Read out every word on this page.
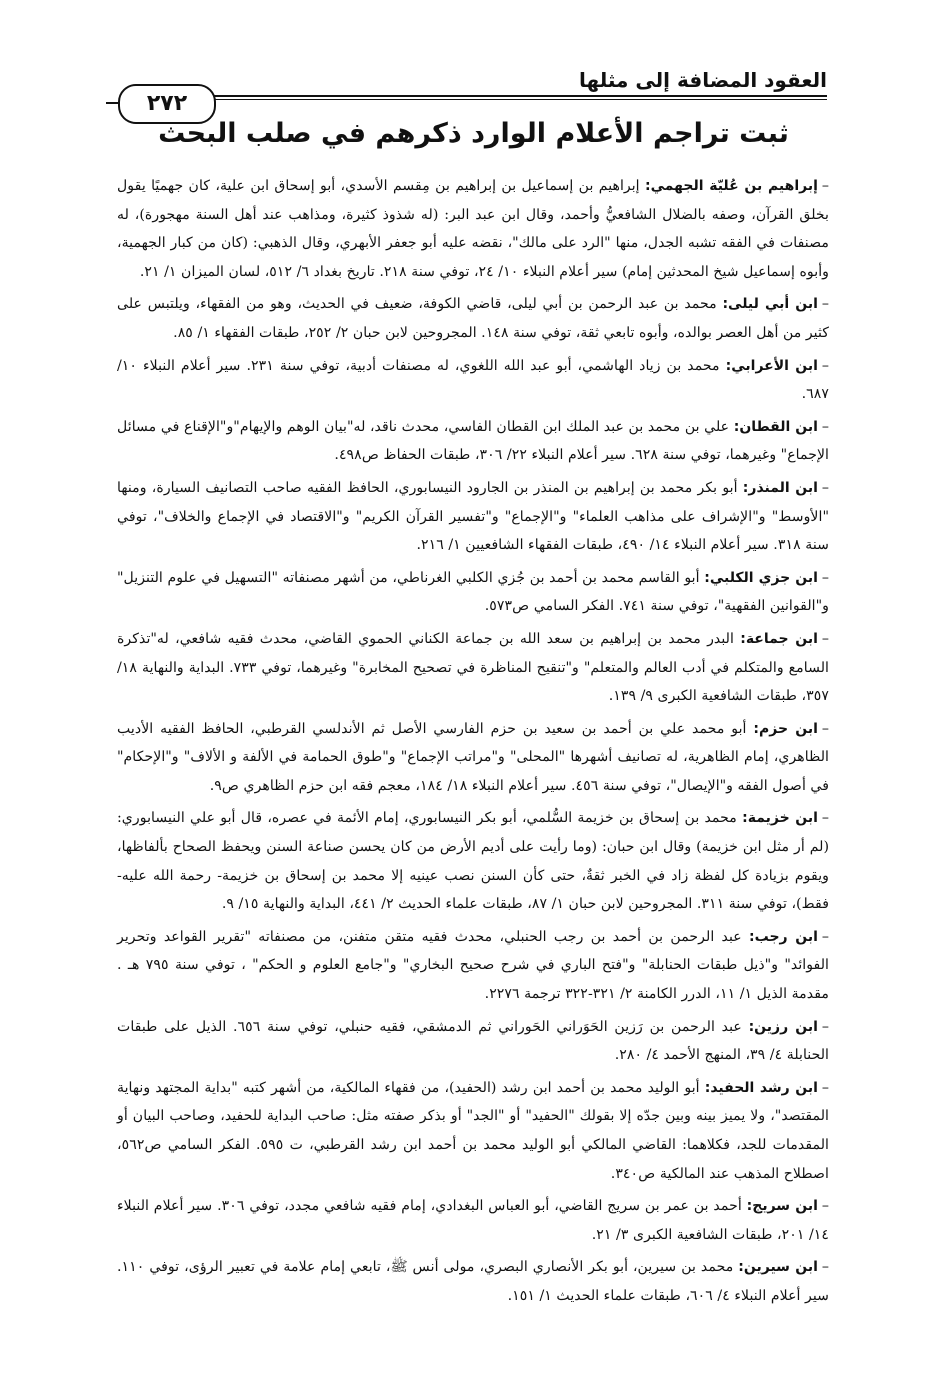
العقود المضافة إلى مثلها
٢٧٢
ثبت تراجم الأعلام الوارد ذكرهم في صلب البحث

–إبراهيم بن عُليّة الجهمي: إبراهيم بن إسماعيل بن إبراهيم بن مِقسم الأسدي، أبو إسحاق ابن علية، كان جهميًا يقول بخلق القرآن، وصفه بالضلال الشافعيُّ وأحمد، وقال ابن عبد البر: (له شذوذ كثيرة، ومذاهب عند أهل السنة مهجورة)، له مصنفات في الفقه تشبه الجدل، منها "الرد على مالك"، نقضه عليه أبو جعفر الأبهري، وقال الذهبي: (كان من كبار الجهمية، وأبوه إسماعيل شيخ المحدثين إمام) سير أعلام النبلاء ١٠/ ٢٤، توفي سنة ٢١٨. تاريخ بغداد ٦/ ٥١٢، لسان الميزان ١/ ٢١.

–ابن أبي ليلى: محمد بن عبد الرحمن بن أبي ليلى، قاضي الكوفة، ضعيف في الحديث، وهو من الفقهاء، ويلتبس على كثير من أهل العصر بوالده، وأبوه تابعي ثقة، توفي سنة ١٤٨. المجروحين لابن حبان ٢/ ٢٥٢، طبقات الفقهاء ١/ ٨٥.

–ابن الأعرابي: محمد بن زياد الهاشمي، أبو عبد الله اللغوي، له مصنفات أدبية، توفي سنة ٢٣١. سير أعلام النبلاء ١٠/ ٦٨٧.

–ابن القطان: علي بن محمد بن عبد الملك ابن القطان الفاسي، محدث ناقد، له"بيان الوهم والإيهام"و"الإقناع في مسائل الإجماع" وغيرهما، توفي سنة ٦٢٨. سير أعلام النبلاء ٢٢/ ٣٠٦، طبقات الحفاظ ص٤٩٨.

–ابن المنذر: أبو بكر محمد بن إبراهيم بن المنذر بن الجارود النيسابوري، الحافظ الفقيه صاحب التصانيف السيارة، ومنها "الأوسط" و"الإشراف على مذاهب العلماء" و"الإجماع" و"تفسير القرآن الكريم" و"الاقتصاد في الإجماع والخلاف"، توفي سنة ٣١٨. سير أعلام النبلاء ١٤/ ٤٩٠، طبقات الفقهاء الشافعيين ١/ ٢١٦.

–ابن جزي الكلبي: أبو القاسم محمد بن أحمد بن جُزي الكلبي الغرناطي، من أشهر مصنفاته "التسهيل في علوم التنزيل" و"القوانين الفقهية"، توفي سنة ٧٤١. الفكر السامي ص٥٧٣.

–ابن جماعة: البدر محمد بن إبراهيم بن سعد الله بن جماعة الكناني الحموي القاضي، محدث فقيه شافعي، له"تذكرة السامع والمتكلم في أدب العالم والمتعلم" و"تنقيح المناظرة في تصحيح المخابرة" وغيرهما، توفي ٧٣٣. البداية والنهاية ١٨/ ٣٥٧، طبقات الشافعية الكبرى ٩/ ١٣٩.

–ابن حزم: أبو محمد علي بن أحمد بن سعيد بن حزم الفارسي الأصل ثم الأندلسي القرطبي، الحافظ الفقيه الأديب الظاهري، إمام الظاهرية، له تصانيف أشهرها "المحلى" و"مراتب الإجماع" و"طوق الحمامة في الألفة و الألاف" و"الإحكام" في أصول الفقه و"الإيصال"، توفي سنة ٤٥٦. سير أعلام النبلاء ١٨/ ١٨٤، معجم فقه ابن حزم الظاهري ص٩.

–ابن خزيمة: محمد بن إسحاق بن خزيمة السُّلمي، أبو بكر النيسابوري، إمام الأئمة في عصره، قال أبو علي النيسابوري: (لم أر مثل ابن خزيمة) وقال ابن حبان: (وما رأيت على أديم الأرض من كان يحسن صناعة السنن ويحفظ الصحاح بألفاظها، ويقوم بزيادة كل لفظة زاد في الخبر ثقةٌ، حتى كأن السنن نصب عينيه إلا محمد بن إسحاق بن خزيمة- رحمة الله عليه- فقط)، توفي سنة ٣١١. المجروحين لابن حبان ١/ ٨٧، طبقات علماء الحديث ٢/ ٤٤١، البداية والنهاية ١٥/ ٩.

–ابن رجب: عبد الرحمن بن أحمد بن رجب الحنبلي، محدث فقيه متقن متفنن، من مصنفاته "تقرير القواعد وتحرير الفوائد" و"ذيل طبقات الحنابلة" و"فتح الباري في شرح صحيح البخاري" و"جامع العلوم و الحكم" ، توفي سنة ٧٩٥ هـ . مقدمة الذيل ١/ ١١، الدرر الكامنة ٢/ ٣٢١-٣٢٢ ترجمة ٢٢٧٦.

–ابن رزين: عبد الرحمن بن رَزين الحَوَراني الحَوراني ثم الدمشقي، فقيه حنبلي، توفي سنة ٦٥٦. الذيل على طبقات الحنابلة ٤/ ٣٩، المنهج الأحمد ٤/ ٢٨٠.

–ابن رشد الحفيد: أبو الوليد محمد بن أحمد ابن رشد (الحفيد)، من فقهاء المالكية، من أشهر كتبه "بداية المجتهد ونهاية المقتصد"، ولا يميز بينه وبين جدّه إلا بقولك "الحفيد" أو "الجد" أو بذكر صفته مثل: صاحب البداية للحفيد، وصاحب البيان أو المقدمات للجد، فكلاهما: القاضي المالكي أبو الوليد محمد بن أحمد ابن رشد القرطبي، ت ٥٩٥. الفكر السامي ص٥٦٢، اصطلاح المذهب عند المالكية ص٣٤٠.

–ابن سريج: أحمد بن عمر بن سريج القاضي، أبو العباس البغدادي، إمام فقيه شافعي مجدد، توفي ٣٠٦. سير أعلام النبلاء ١٤/ ٢٠١، طبقات الشافعية الكبرى ٣/ ٢١.

–ابن سيرين: محمد بن سيرين، أبو بكر الأنصاري البصري، مولى أنس ﷺ، تابعي إمام علامة في تعبير الرؤى، توفي ١١٠. سير أعلام النبلاء ٤/ ٦٠٦، طبقات علماء الحديث ١/ ١٥١.
